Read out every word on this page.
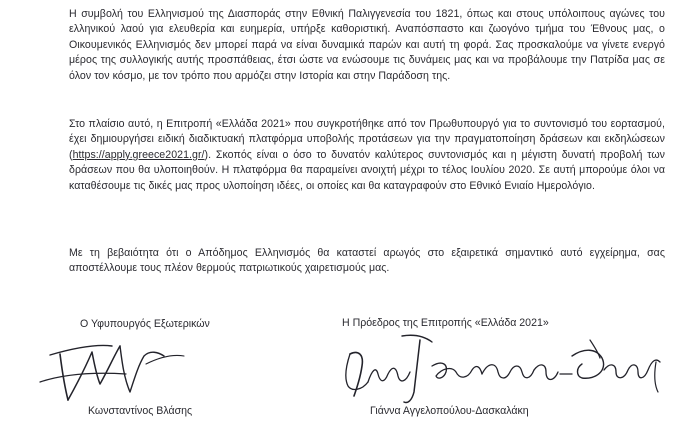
Η συμβολή του Ελληνισμού της Διασποράς στην Εθνική Παλιγγενεσία του 1821, όπως και στους υπόλοιπους αγώνες του ελληνικού λαού για ελευθερία και ευημερία, υπήρξε καθοριστική. Αναπόσπαστο και ζωογόνο τμήμα του Έθνους μας, ο Οικουμενικός Ελληνισμός δεν μπορεί παρά να είναι δυναμικά παρών και αυτή τη φορά. Σας προσκαλούμε να γίνετε ενεργό μέρος της συλλογικής αυτής προσπάθειας, έτσι ώστε να ενώσουμε τις δυνάμεις μας και να προβάλουμε την Πατρίδα μας σε όλον τον κόσμο, με τον τρόπο που αρμόζει στην Ιστορία και στην Παράδοση της.

Στο πλαίσιο αυτό, η Επιτροπή «Ελλάδα 2021» που συγκροτήθηκε από τον Πρωθυπουργό για το συντονισμό του εορτασμού, έχει δημιουργήσει ειδική διαδικτυακή πλατφόρμα υποβολής προτάσεων για την πραγματοποίηση δράσεων και εκδηλώσεων (https://apply.greece2021.gr/). Σκοπός είναι ο όσο το δυνατόν καλύτερος συντονισμός και η μέγιστη δυνατή προβολή των δράσεων που θα υλοποιηθούν. Η πλατφόρμα θα παραμείνει ανοιχτή μέχρι το τέλος Ιουλίου 2020. Σε αυτή μπορούμε όλοι να καταθέσουμε τις δικές μας προς υλοποίηση ιδέες, οι οποίες και θα καταγραφούν στο Εθνικό Ενιαίο Ημερολόγιο.

Με τη βεβαιότητα ότι ο Απόδημος Ελληνισμός θα καταστεί αρωγός στο εξαιρετικά σημαντικό αυτό εγχείρημα, σας αποστέλλουμε τους πλέον θερμούς πατριωτικούς χαιρετισμούς μας.

Ο Υφυπουργός Εξωτερικών	Η Πρόεδρος της Επιτροπής «Ελλάδα 2021»
Κωνσταντίνος Βλάσης	Γιάννα Αγγελοπούλου-Δασκαλάκη
